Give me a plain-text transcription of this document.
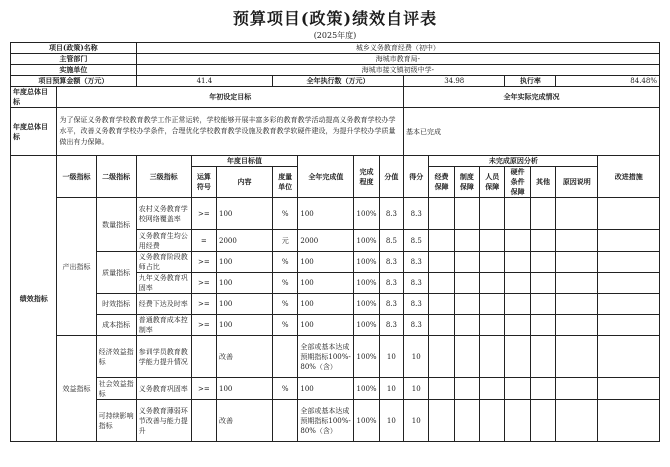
预算项目(政策)绩效自评表
(2025年度)
项目(政策)名称			城乡义务教育经费（初中）														
主管部门			海城市教育局-														
实施单位			海城市接文镇初级中学-														
项目预算金额（万元）			41.4			全年执行数（万元）				34.98				执行率		84.48%	
年度总体目标	年初设定目标									全年实际完成情况							
年度总体目标	为了保证义务教育学校教育教学工作正常运转，学校能够开展丰富多彩的教育教学活动提高义务教育学校办学水平，改善义务教育学校办学条件，合理优化学校教育教学设施及教育教学软硬件建设，为提升学校办学质量做出有力保障。									基本已完成							
绩效指标	一级指标	二级指标	三级指标	年度目标值			全年完成值	完成程度	分值	得分	未完成原因分析						改进措施
				运算符号	内容	度量单位					经费保障	制度保障	人员保障	硬件条件保障	其他	原因说明	

	产出指标	数量指标	农村义务教育学校网络覆盖率	>=	100	%	100	100%	8.3	8.3							
			义务教育生均公用经费	=	2000	元	2000	100%	8.5	8.5							
		质量指标	义务教育阶段教师占比	>=	100	%	100	100%	8.3	8.3							
			九年义务教育巩固率	>=	100	%	100	100%	8.3	8.3							
		时效指标	经费下达及时率	>=	100	%	100	100%	8.3	8.3							
		成本指标	普通教育成本控制率	>=	100	%	100	100%	8.3	8.3							
	效益指标	经济效益指标	参训学员教育教学能力提升情况		改善		全部或基本达成预期指标100%-80%（含）	100%	10	10							
		社会效益指标	义务教育巩固率	>=	100	%	100	100%	10	10							
		可持续影响指标	义务教育薄弱环节改善与能力提升		改善		全部或基本达成预期指标100%-80%（含）	100%	10	10							
